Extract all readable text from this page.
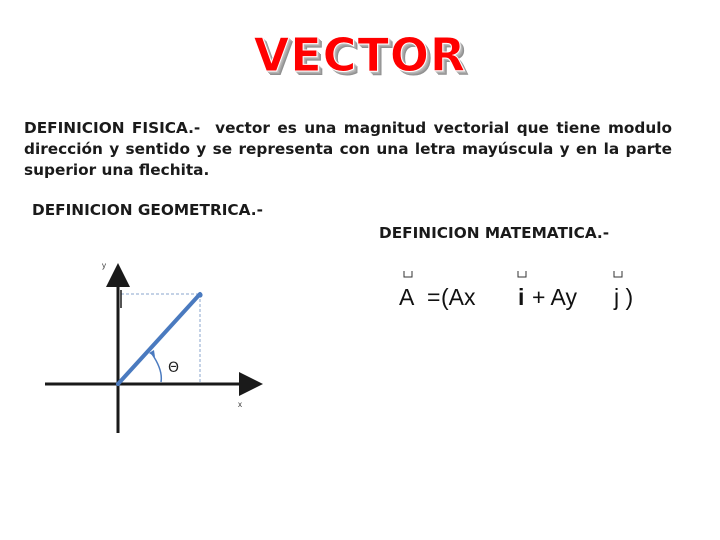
VECTOR
DEFINICION FISICA.- vector es una magnitud vectorial que tiene modulo dirección y sentido y se representa con una letra mayúscula y en la parte superior una flechita.
DEFINICION GEOMETRICA.-
DEFINICION MATEMATICA.-
y
x
Θ
A = (Ax i + Ay j )
